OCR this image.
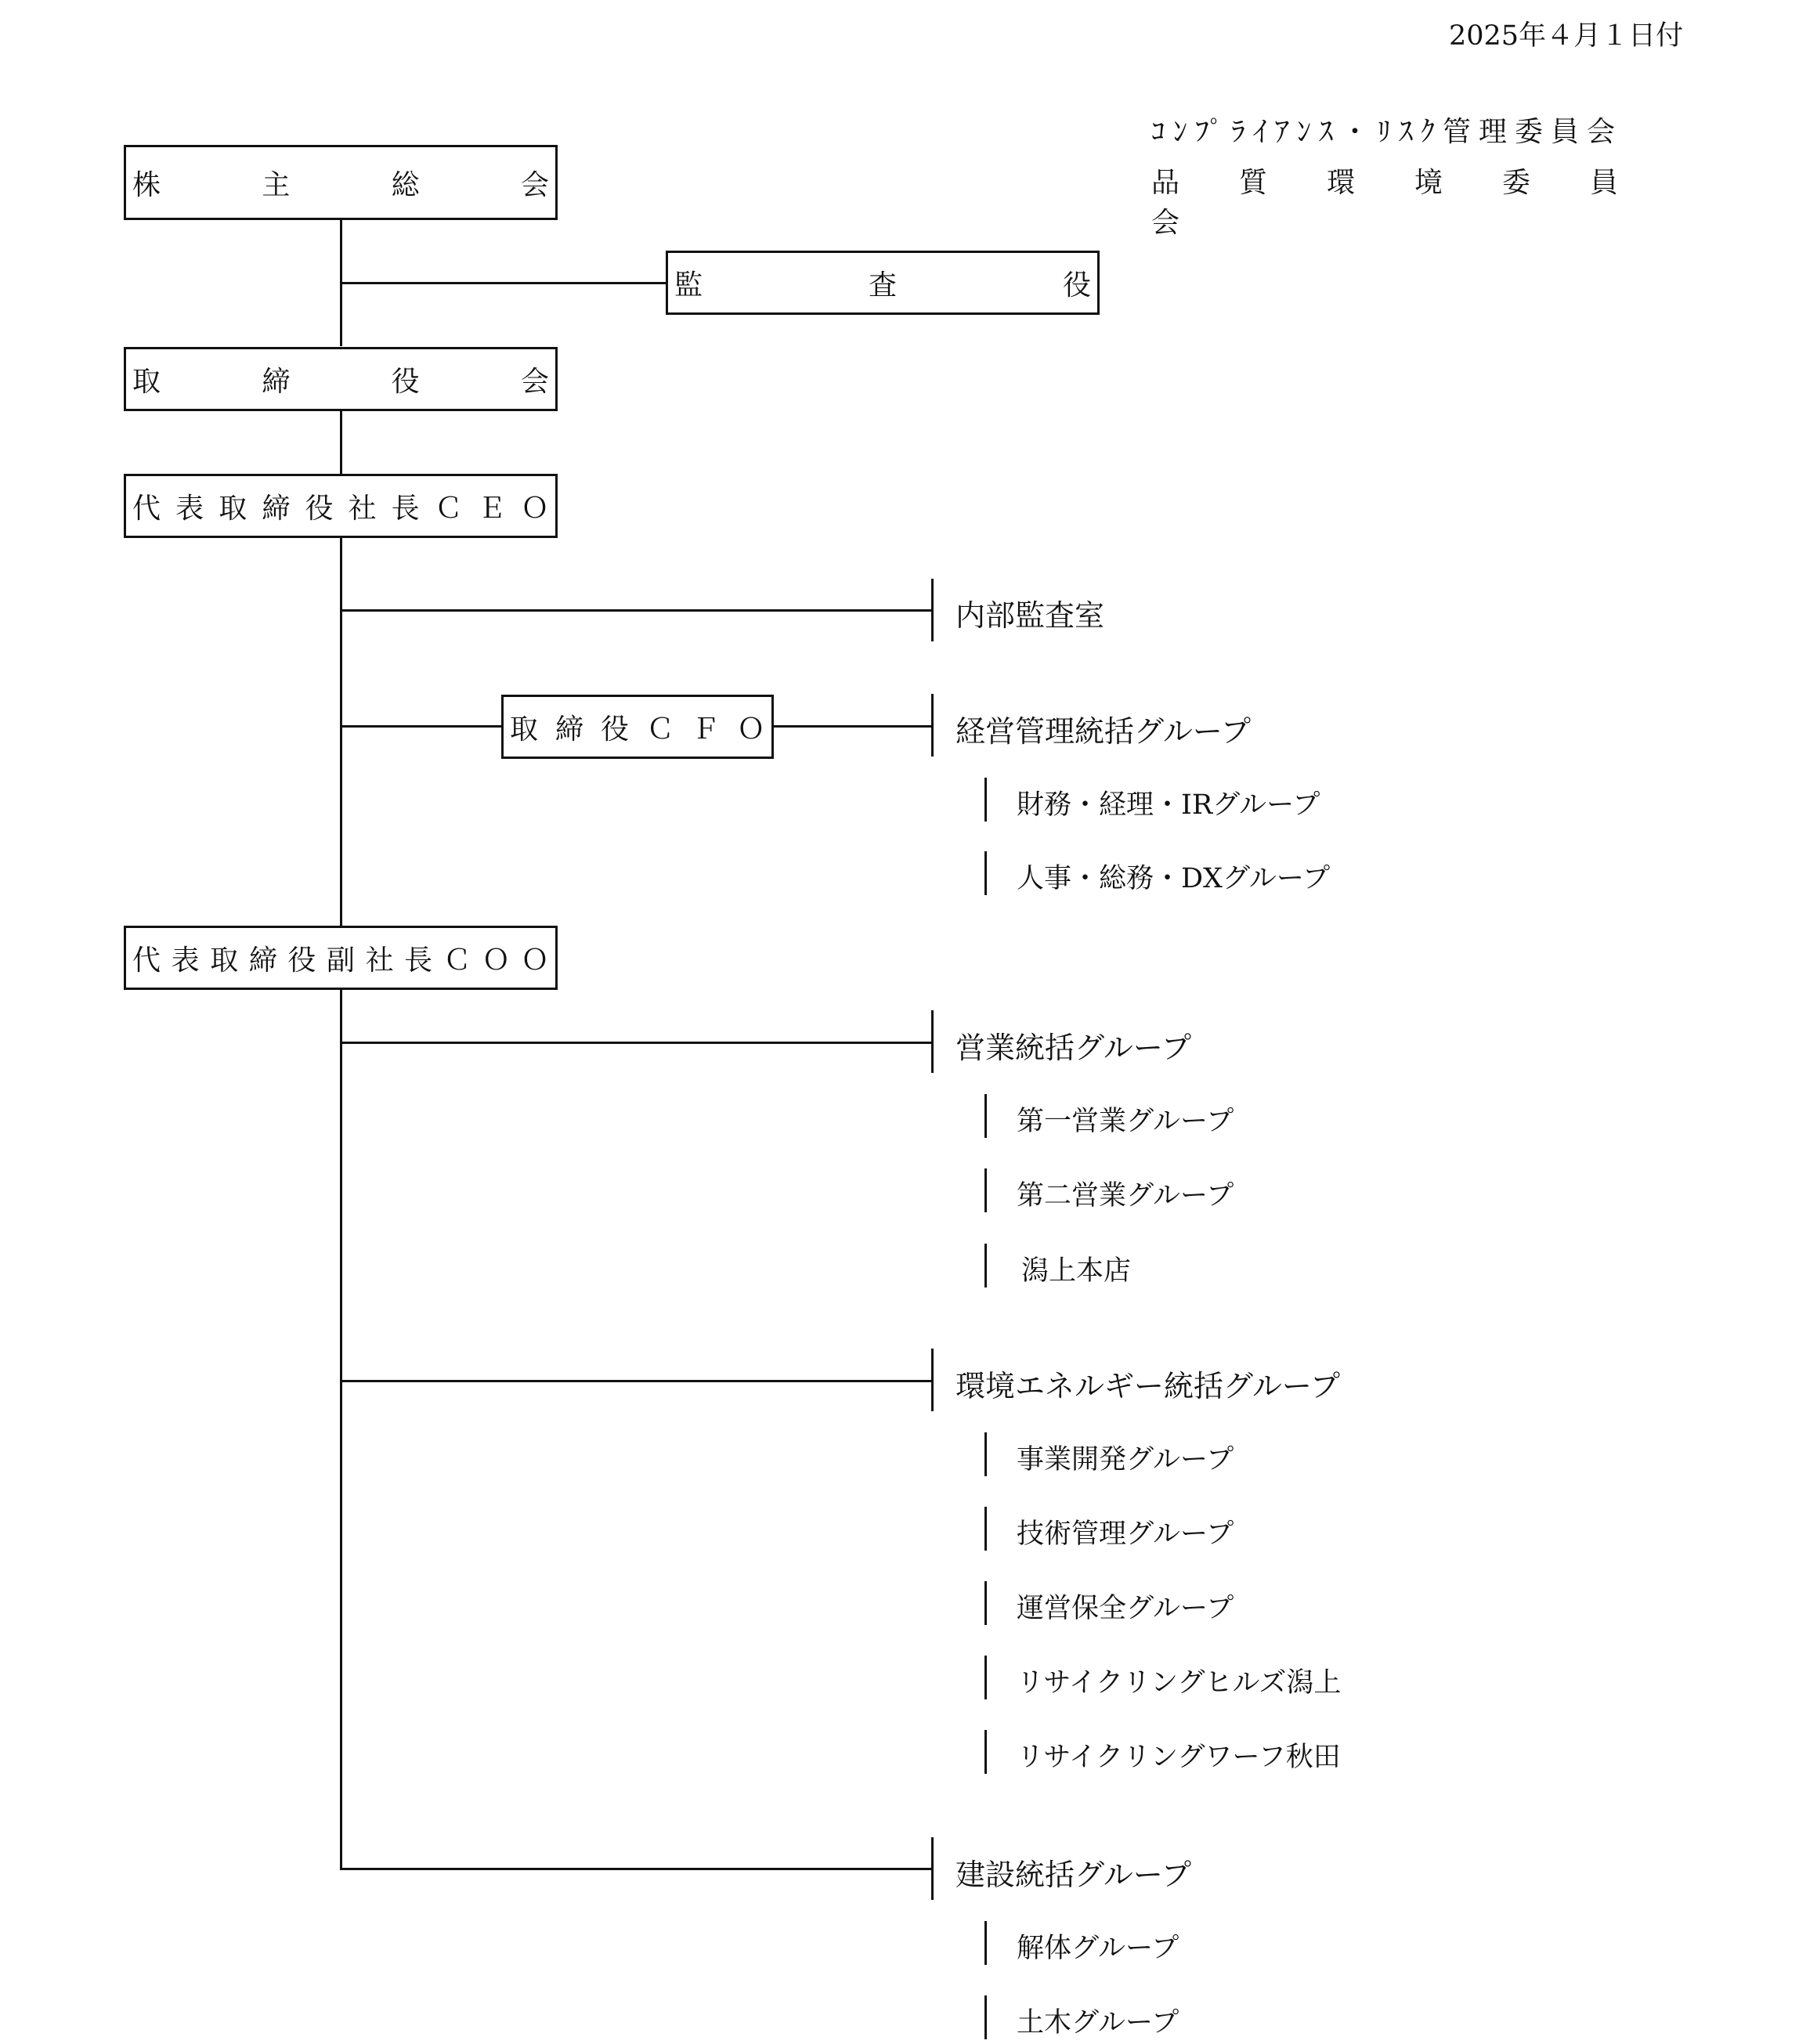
2025年４月１日付
ｺﾝﾌﾟﾗｲｱﾝｽ・ﾘｽｸ管理委員会
品質環境委員会
株	主	総	会
監	査	役
取	締	役	会
代 表 取 締 役 社 長 Ｃ Ｅ Ｏ
取 締 役 Ｃ Ｆ Ｏ
代 表 取 締 役 副 社 長 Ｃ Ｏ Ｏ
内部監査室
経営管理統括グループ
財務・経理・IRグループ
人事・総務・DXグループ
営業統括グループ
第一営業グループ
第二営業グループ
潟上本店
環境エネルギー統括グループ
事業開発グループ
技術管理グループ
運営保全グループ
リサイクリングヒルズ潟上
リサイクリングワーフ秋田
建設統括グループ
解体グループ
土木グループ
